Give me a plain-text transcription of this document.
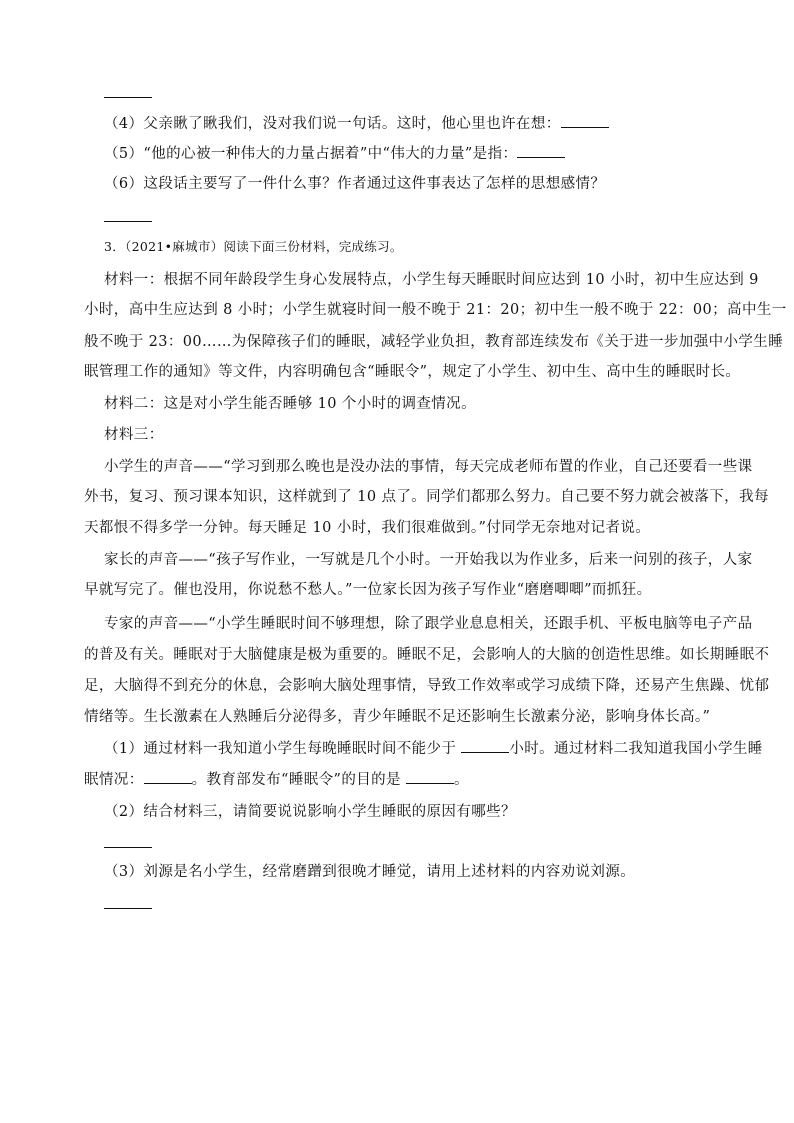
（4）父亲瞅了瞅我们，没对我们说一句话。这时，他心里也许在想：
（5）“他的心被一种伟大的力量占据着”中“伟大的力量”是指：
（6）这段话主要写了一件什么事？作者通过这件事表达了怎样的思想感情？
3．（2021•麻城市）阅读下面三份材料，完成练习。
材料一：根据不同年龄段学生身心发展特点，小学生每天睡眠时间应达到 10 小时，初中生应达到 9
小时，高中生应达到 8 小时；小学生就寝时间一般不晚于 21：20；初中生一般不晚于 22：00；高中生一
般不晚于 23：00……为保障孩子们的睡眠，减轻学业负担，教育部连续发布《关于进一步加强中小学生睡
眠管理工作的通知》等文件，内容明确包含“睡眠令”，规定了小学生、初中生、高中生的睡眠时长。
材料二：这是对小学生能否睡够 10 个小时的调查情况。
材料三：
小学生的声音——“学习到那么晚也是没办法的事情，每天完成老师布置的作业，自己还要看一些课
外书，复习、预习课本知识，这样就到了 10 点了。同学们都那么努力。自己要不努力就会被落下，我每
天都恨不得多学一分钟。每天睡足 10 小时，我们很难做到。”付同学无奈地对记者说。
家长的声音——“孩子写作业，一写就是几个小时。一开始我以为作业多，后来一问别的孩子，人家
早就写完了。催也没用，你说愁不愁人。”一位家长因为孩子写作业“磨磨唧唧”而抓狂。
专家的声音——“小学生睡眠时间不够理想，除了跟学业息息相关，还跟手机、平板电脑等电子产品
的普及有关。睡眠对于大脑健康是极为重要的。睡眠不足，会影响人的大脑的创造性思维。如长期睡眠不
足，大脑得不到充分的休息，会影响大脑处理事情，导致工作效率或学习成绩下降，还易产生焦躁、忧郁
情绪等。生长激素在人熟睡后分泌得多，青少年睡眠不足还影响生长激素分泌，影响身体长高。”
（1）通过材料一我知道小学生每晚睡眠时间不能少于	小时。通过材料二我知道我国小学生睡
眠情况：	。教育部发布“睡眠令”的目的是	。
（2）结合材料三，请简要说说影响小学生睡眠的原因有哪些？
（3）刘源是名小学生，经常磨蹭到很晚才睡觉，请用上述材料的内容劝说刘源。
